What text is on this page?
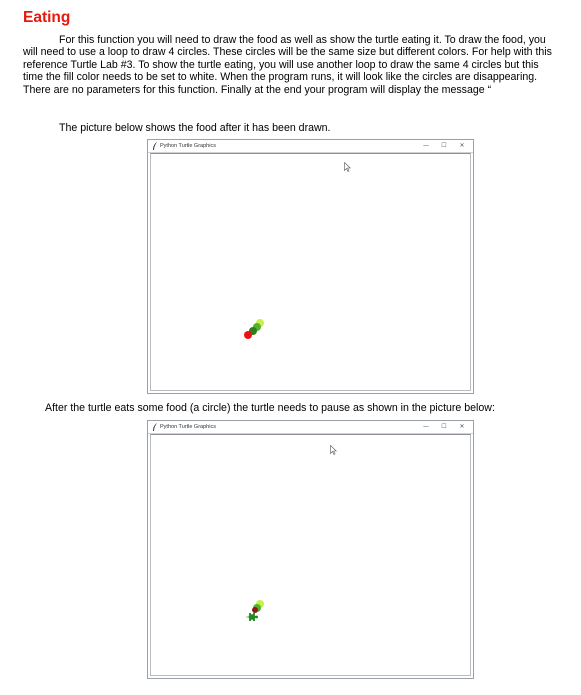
Eating
For this function you will need to draw the food as well as show the turtle eating it. To draw the food, you will need to use a loop to draw 4 circles. These circles will be the same size but different colors. For help with this reference Turtle Lab #3. To show the turtle eating, you will use another loop to draw the same 4 circles but this time the fill color needs to be set to white. When the program runs, it will look like the circles are disappearing. There are no parameters for this function. Finally at the end your program will display the message “
The picture below shows the food after it has been drawn.
Python Turtle Graphics	—	☐	✕
After the turtle eats some food (a circle) the turtle needs to pause as shown in the picture below:
Python Turtle Graphics	—	☐	✕
